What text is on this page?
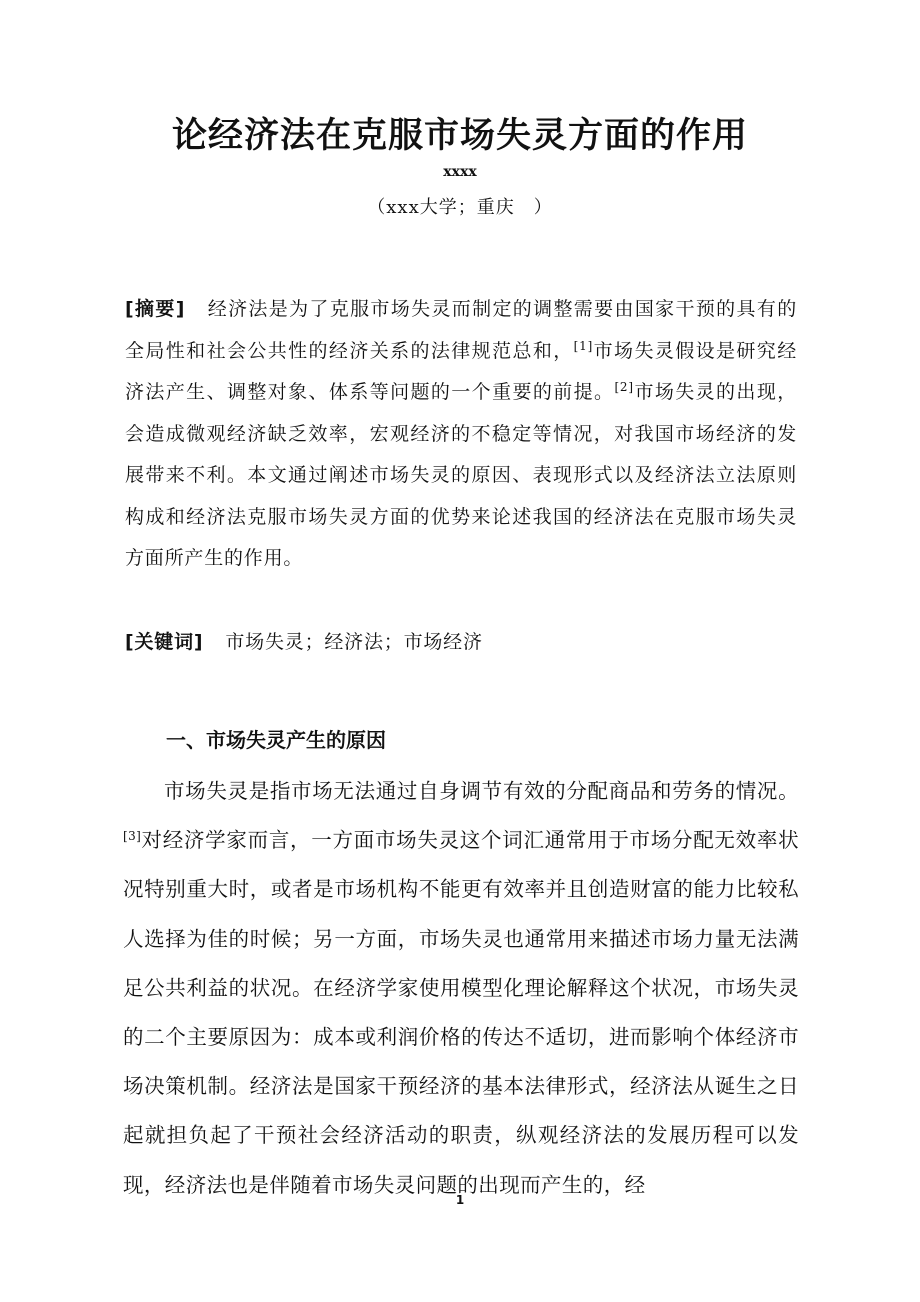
论经济法在克服市场失灵方面的作用
xxxx
（xxx大学；重庆　）

[摘要] 经济法是为了克服市场失灵而制定的调整需要由国家干预的具有的全局性和社会公共性的经济关系的法律规范总和，[1]市场失灵假设是研究经济法产生、调整对象、体系等问题的一个重要的前提。[2]市场失灵的出现，会造成微观经济缺乏效率，宏观经济的不稳定等情况，对我国市场经济的发展带来不利。本文通过阐述市场失灵的原因、表现形式以及经济法立法原则构成和经济法克服市场失灵方面的优势来论述我国的经济法在克服市场失灵方面所产生的作用。

[关键词] 市场失灵；经济法；市场经济
一、市场失灵产生的原因

市场失灵是指市场无法通过自身调节有效的分配商品和劳务的情况。[3]对经济学家而言，一方面市场失灵这个词汇通常用于市场分配无效率状况特别重大时，或者是市场机构不能更有效率并且创造财富的能力比较私人选择为佳的时候；另一方面，市场失灵也通常用来描述市场力量无法满足公共利益的状况。在经济学家使用模型化理论解释这个状况，市场失灵的二个主要原因为：成本或利润价格的传达不适切，进而影响个体经济市场决策机制。经济法是国家干预经济的基本法律形式，经济法从诞生之日起就担负起了干预社会经济活动的职责，纵观经济法的发展历程可以发现，经济法也是伴随着市场失灵问题的出现而产生的，经

1
